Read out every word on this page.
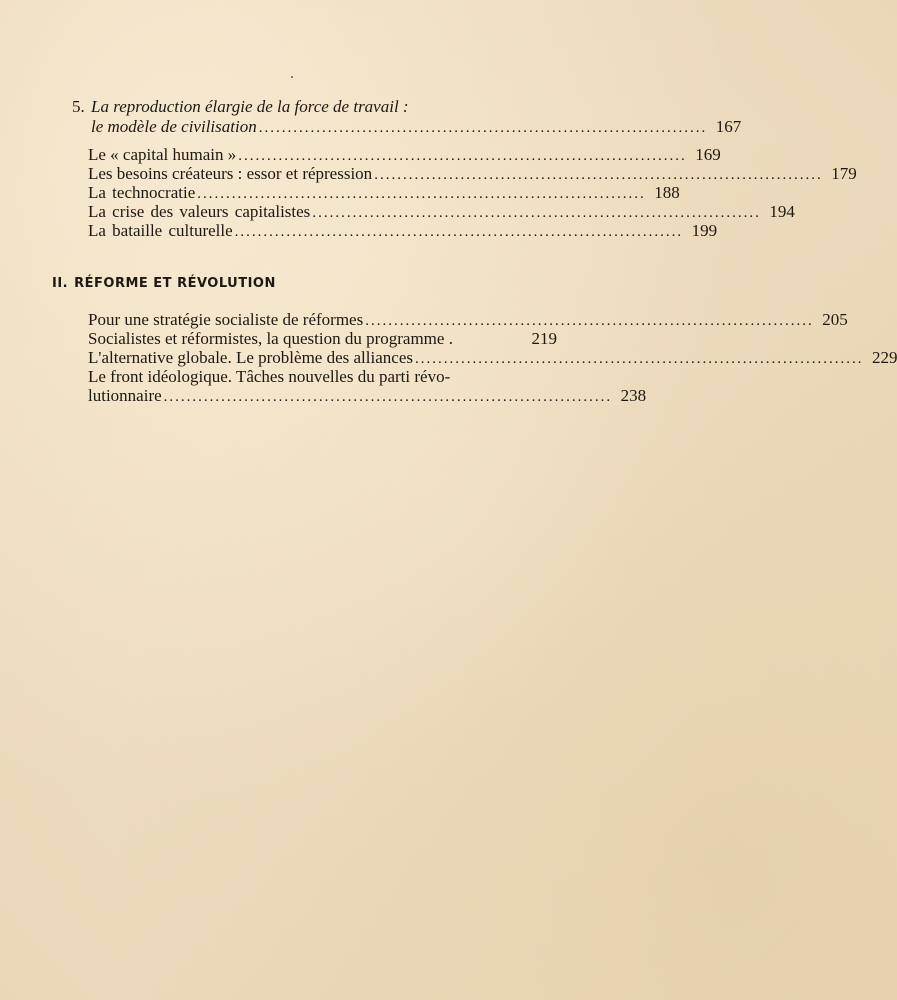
5. La reproduction élargie de la force de travail :
le modèle de civilisation .............................................................................. 167
Le « capital humain » .............................................................................. 169
Les besoins créateurs : essor et répression .............................................................................. 179
La technocratie .............................................................................. 188
La crise des valeurs capitalistes .............................................................................. 194
La bataille culturelle .............................................................................. 199
II. RÉFORME ET RÉVOLUTION
Pour une stratégie socialiste de réformes .............................................................................. 205
Socialistes et réformistes, la question du programme .	219
L'alternative globale. Le problème des alliances .............................................................................. 229
Le front idéologique. Tâches nouvelles du parti révo-
lutionnaire .............................................................................. 238
